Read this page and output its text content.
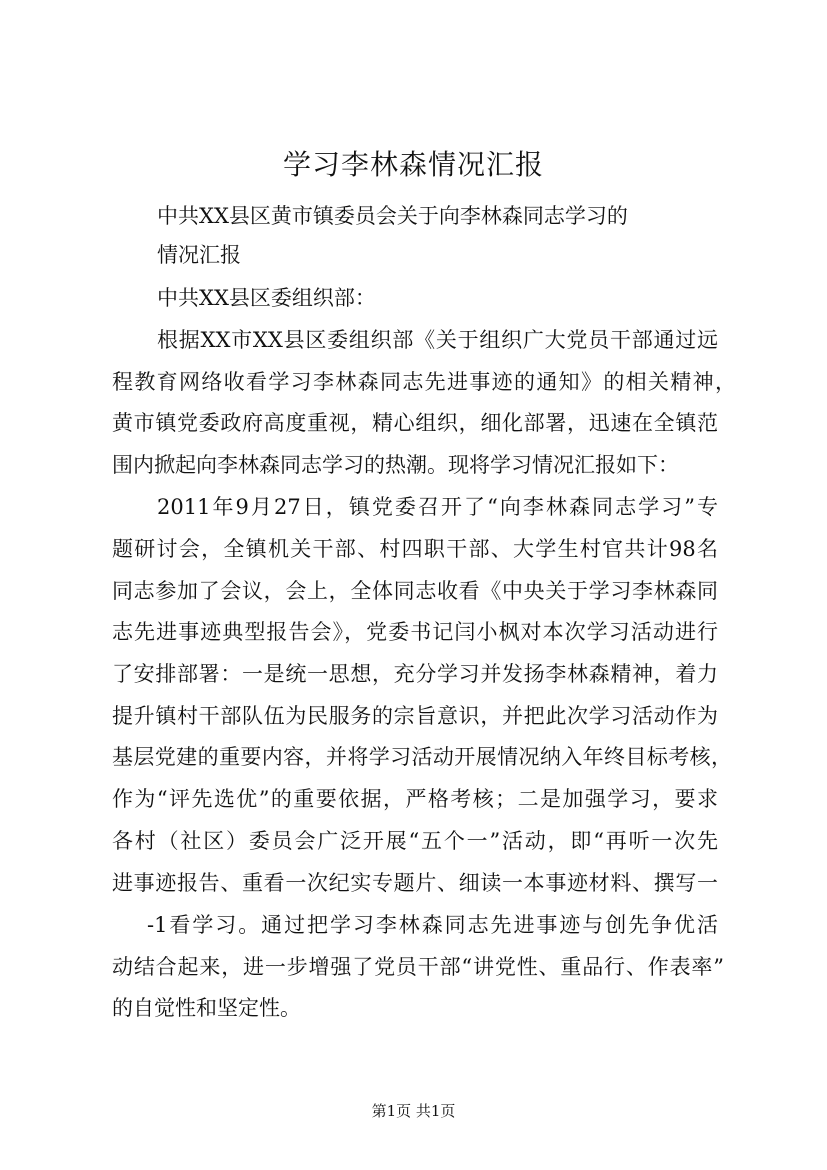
学习李林森情况汇报
中共XX县区黄市镇委员会关于向李林森同志学习的
情况汇报
中共XX县区委组织部：
根据XX市XX县区委组织部《关于组织广大党员干部通过远
程教育网络收看学习李林森同志先进事迹的通知》的相关精神，
黄市镇党委政府高度重视，精心组织，细化部署，迅速在全镇范
围内掀起向李林森同志学习的热潮。现将学习情况汇报如下：
2011年9月27日，镇党委召开了“向李林森同志学习”专
题研讨会，全镇机关干部、村四职干部、大学生村官共计98名
同志参加了会议，会上，全体同志收看《中央关于学习李林森同
志先进事迹典型报告会》，党委书记闫小枫对本次学习活动进行
了安排部署：一是统一思想，充分学习并发扬李林森精神，着力
提升镇村干部队伍为民服务的宗旨意识，并把此次学习活动作为
基层党建的重要内容，并将学习活动开展情况纳入年终目标考核，
作为“评先选优”的重要依据，严格考核；二是加强学习，要求
各村（社区）委员会广泛开展“五个一”活动，即“再听一次先
进事迹报告、重看一次纪实专题片、细读一本事迹材料、撰写一
-1看学习。通过把学习李林森同志先进事迹与创先争优活
动结合起来，进一步增强了党员干部“讲党性、重品行、作表率”
的自觉性和坚定性。
第1页 共1页
